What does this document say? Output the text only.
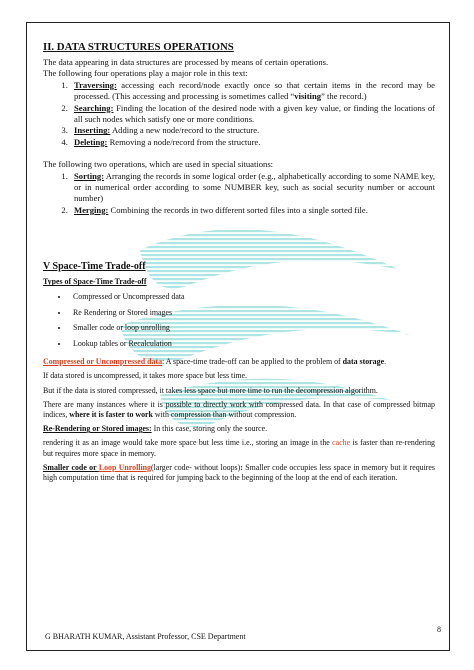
II. DATA STRUCTURES OPERATIONS

The data appearing in data structures are processed by means of certain operations.

The following four operations play a major role in this text:

1. Traversing: accessing each record/node exactly once so that certain items in the record may be processed. (This accessing and processing is sometimes called “visiting” the record.)
2. Searching: Finding the location of the desired node with a given key value, or finding the locations of all such nodes which satisfy one or more conditions.
3. Inserting: Adding a new node/record to the structure.
4. Deleting: Removing a node/record from the structure.

The following two operations, which are used in special situations:

1. Sorting: Arranging the records in some logical order (e.g., alphabetically according to some NAME key, or in numerical order according to some NUMBER key, such as social security number or account number)
2. Merging: Combining the records in two different sorted files into a single sorted file.
V Space-Time Trade-off
Types of Space-Time Trade-off
• Compressed or Uncompressed data
• Re Rendering or Stored images
• Smaller code or loop unrolling
• Lookup tables or Recalculation

Compressed or Uncompressed data: A space-time trade-off can be applied to the problem of data storage.

If data stored is uncompressed, it takes more space but less time.

But if the data is stored compressed, it takes less space but more time to run the decompression algorithm.

There are many instances where it is possible to directly work with compressed data. In that case of compressed bitmap indices, where it is faster to work with compression than without compression.

Re-Rendering or Stored images: In this case, storing only the source.

rendering it as an image would take more space but less time i.e., storing an image in the cache is faster than re-rendering but requires more space in memory.

Smaller code or Loop Unrolling(larger code- without loops): Smaller code occupies less space in memory but it requires high computation time that is required for jumping back to the beginning of the loop at the end of each iteration.

8
G BHARATH KUMAR, Assistant Professor, CSE Department
